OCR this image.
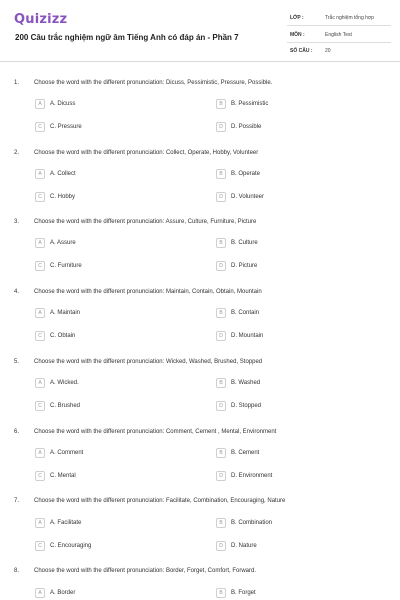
Quizizz
200 Câu trắc nghiệm ngữ âm Tiếng Anh có đáp án - Phần 7
LỚP :	Trắc nghiệm tổng hợp
MÔN :	English Test
SỐ CÂU :	20
1. Choose the word with the different pronunciation: Dicuss, Pessimistic, Pressure, Possible.
A	A. Dicuss	B	B. Pessimistic
C	C. Pressure	D	D. Possible
2. Choose the word with the different pronunciation: Collect, Operate, Hobby, Volunteer
A	A. Collect	B	B. Operate
C	C. Hobby	D	D. Volunteer
3. Choose the word with the different pronunciation: Assure, Culture, Furniture, Picture
A	A. Assure	B	B. Culture
C	C. Furniture	D	D. Picture
4. Choose the word with the different pronunciation: Maintain, Contain, Obtain, Mountain
A	A. Maintain	B	B. Contain
C	C. Obtain	D	D. Mountain
5. Choose the word with the different pronunciation: Wicked, Washed, Brushed, Stopped
A	A. Wicked.	B	B. Washed
C	C. Brushed	D	D. Stopped
6. Choose the word with the different pronunciation: Comment, Cement , Mental, Environment
A	A. Comment	B	B. Cement
C	C. Mental	D	D. Environment
7. Choose the word with the different pronunciation: Facilitate, Combination, Encouraging, Nature
A	A. Facilitate	B	B. Combination
C	C. Encouraging	D	D. Nature
8. Choose the word with the different pronunciation: Border, Forget, Comfort, Forward.
A	A. Border	B	B. Forget
